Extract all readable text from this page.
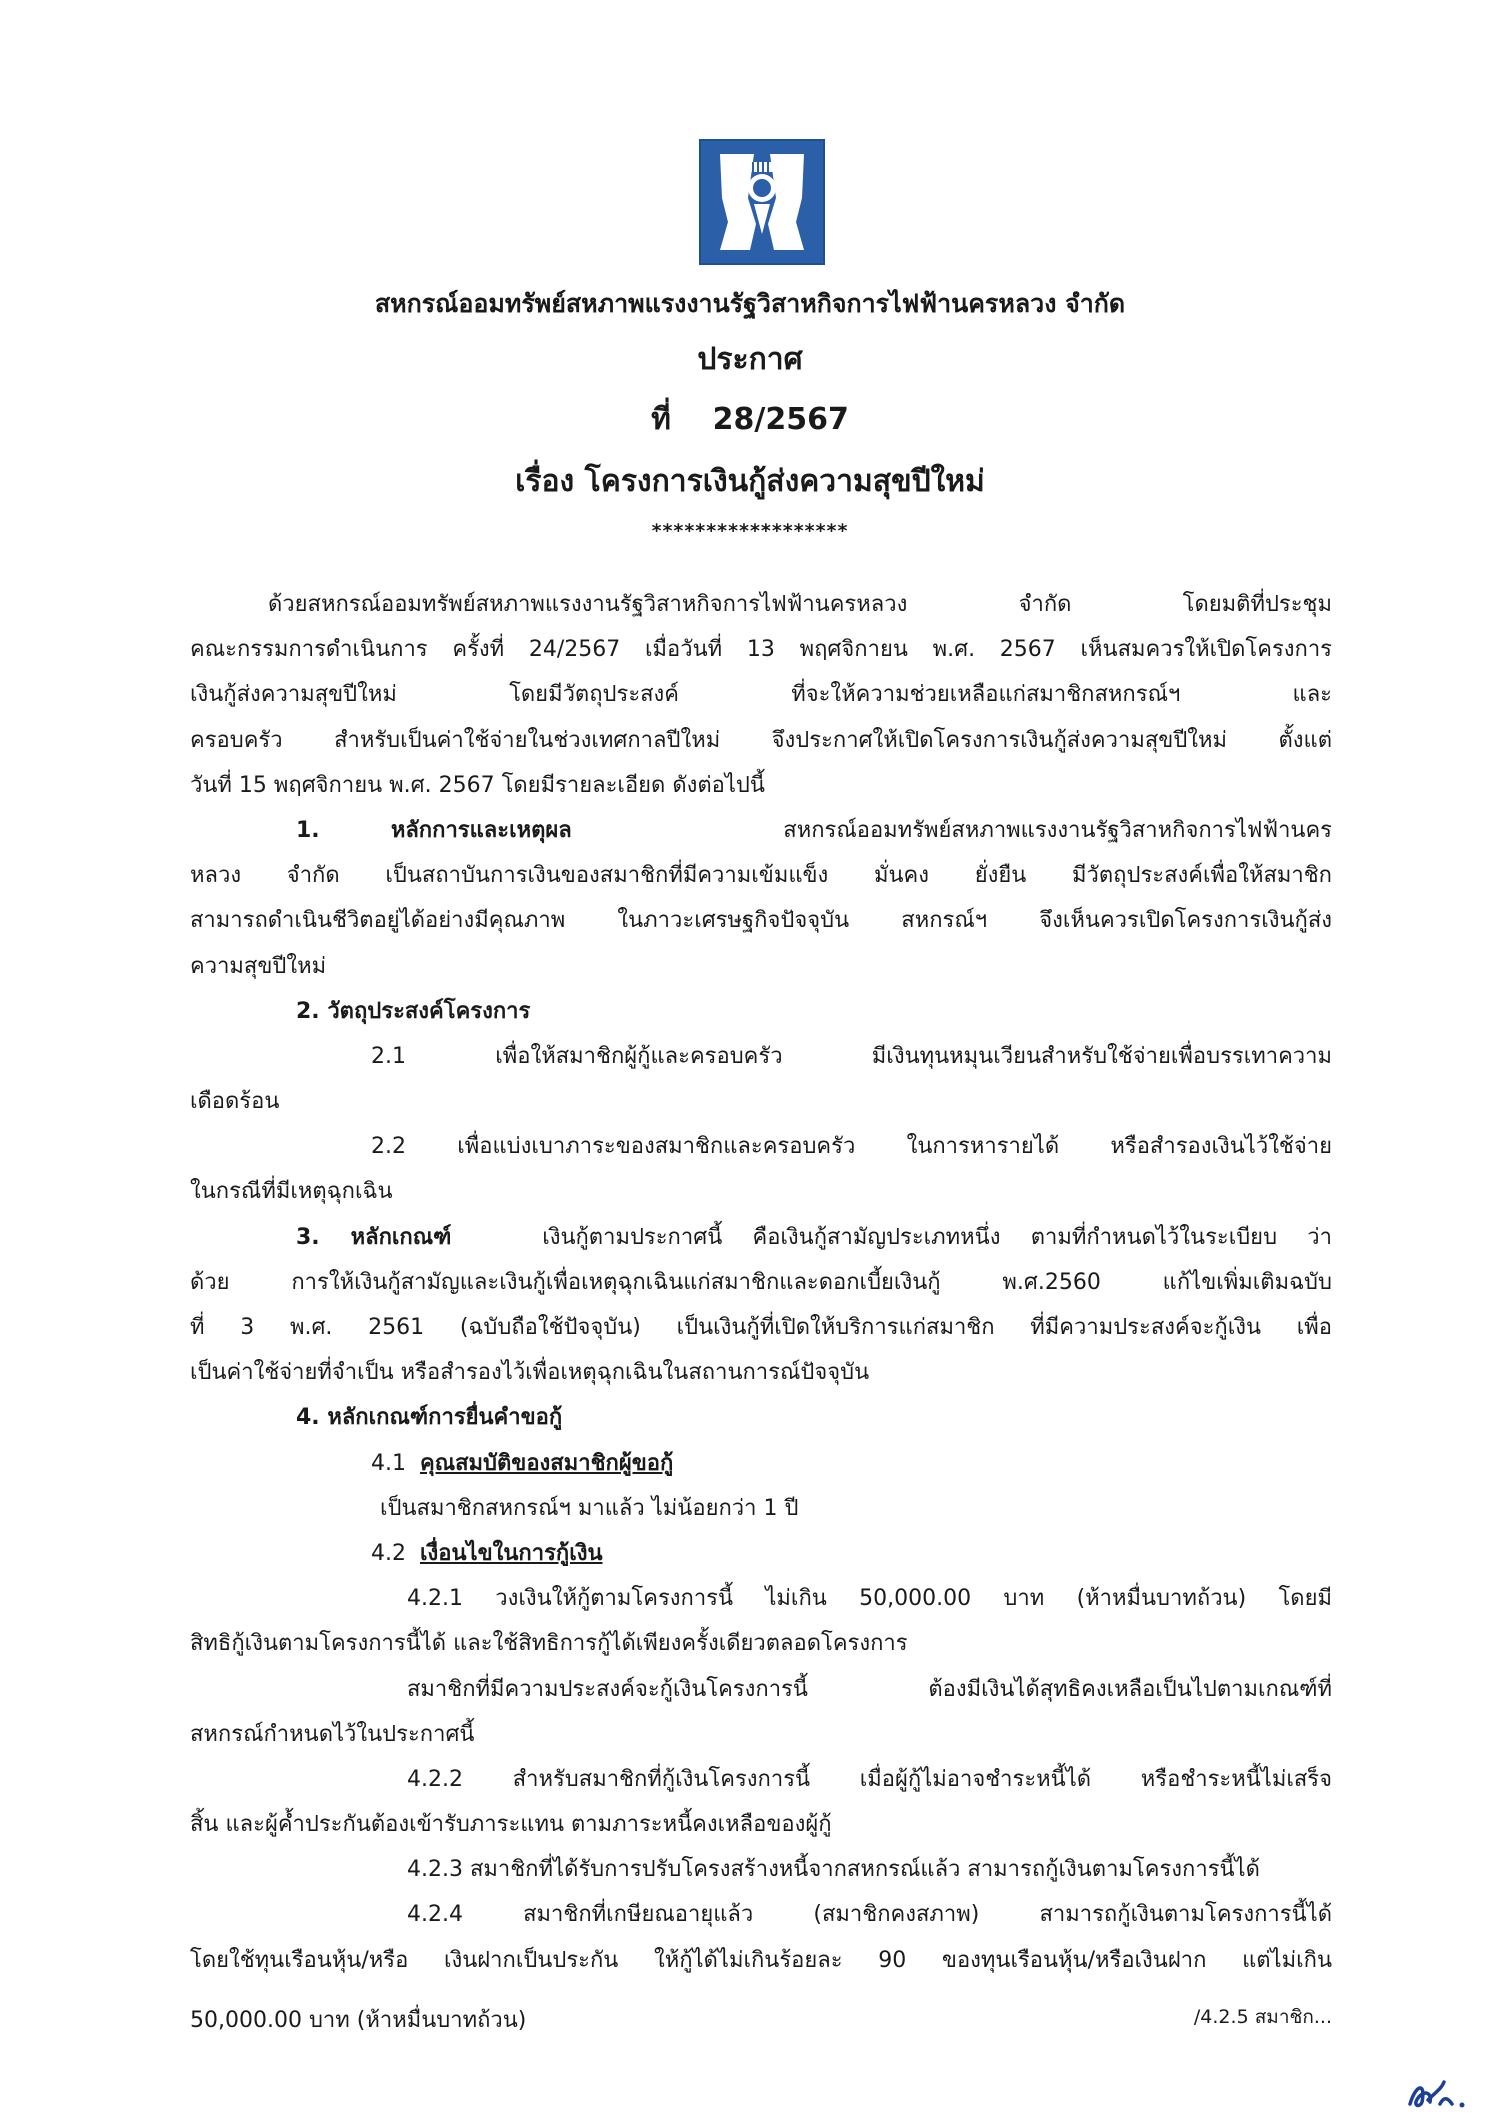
สหกรณ์ออมทรัพย์สหภาพแรงงานรัฐวิสาหกิจการไฟฟ้านครหลวง จำกัด
ประกาศ
ที่ 28/2567
เรื่อง โครงการเงินกู้ส่งความสุขปีใหม่
******************
ด้วยสหกรณ์ออมทรัพย์สหภาพแรงงานรัฐวิสาหกิจการไฟฟ้านครหลวง จำกัด โดยมติที่ประชุม
คณะกรรมการดำเนินการ ครั้งที่ 24/2567 เมื่อวันที่ 13 พฤศจิกายน พ.ศ. 2567 เห็นสมควรให้เปิดโครงการ
เงินกู้ส่งความสุขปีใหม่ โดยมีวัตถุประสงค์ ที่จะให้ความช่วยเหลือแก่สมาชิกสหกรณ์ฯ และ
ครอบครัว สำหรับเป็นค่าใช้จ่ายในช่วงเทศกาลปีใหม่ จึงประกาศให้เปิดโครงการเงินกู้ส่งความสุขปีใหม่ ตั้งแต่
วันที่ 15 พฤศจิกายน พ.ศ. 2567 โดยมีรายละเอียด ดังต่อไปนี้
1. หลักการและเหตุผล	สหกรณ์ออมทรัพย์สหภาพแรงงานรัฐวิสาหกิจการไฟฟ้านคร
หลวง จำกัด เป็นสถาบันการเงินของสมาชิกที่มีความเข้มแข็ง มั่นคง ยั่งยืน มีวัตถุประสงค์เพื่อให้สมาชิก
สามารถดำเนินชีวิตอยู่ได้อย่างมีคุณภาพ ในภาวะเศรษฐกิจปัจจุบัน สหกรณ์ฯ จึงเห็นควรเปิดโครงการเงินกู้ส่ง
ความสุขปีใหม่
2. วัตถุประสงค์โครงการ
2.1 เพื่อให้สมาชิกผู้กู้และครอบครัว มีเงินทุนหมุนเวียนสำหรับใช้จ่ายเพื่อบรรเทาความ
เดือดร้อน
2.2 เพื่อแบ่งเบาภาระของสมาชิกและครอบครัว ในการหารายได้ หรือสำรองเงินไว้ใช้จ่าย
ในกรณีที่มีเหตุฉุกเฉิน
3. หลักเกณฑ์	เงินกู้ตามประกาศนี้ คือเงินกู้สามัญประเภทหนึ่ง ตามที่กำหนดไว้ในระเบียบ ว่า
ด้วย การให้เงินกู้สามัญและเงินกู้เพื่อเหตุฉุกเฉินแก่สมาชิกและดอกเบี้ยเงินกู้ พ.ศ.2560 แก้ไขเพิ่มเติมฉบับ
ที่ 3 พ.ศ. 2561 (ฉบับถือใช้ปัจจุบัน) เป็นเงินกู้ที่เปิดให้บริการแก่สมาชิก ที่มีความประสงค์จะกู้เงิน เพื่อ
เป็นค่าใช้จ่ายที่จำเป็น หรือสำรองไว้เพื่อเหตุฉุกเฉินในสถานการณ์ปัจจุบัน
4. หลักเกณฑ์การยื่นคำขอกู้
4.1 คุณสมบัติของสมาชิกผู้ขอกู้
เป็นสมาชิกสหกรณ์ฯ มาแล้ว ไม่น้อยกว่า 1 ปี
4.2 เงื่อนไขในการกู้เงิน
4.2.1 วงเงินให้กู้ตามโครงการนี้ ไม่เกิน 50,000.00 บาท (ห้าหมื่นบาทถ้วน) โดยมี
สิทธิกู้เงินตามโครงการนี้ได้ และใช้สิทธิการกู้ได้เพียงครั้งเดียวตลอดโครงการ
สมาชิกที่มีความประสงค์จะกู้เงินโครงการนี้ ต้องมีเงินได้สุทธิคงเหลือเป็นไปตามเกณฑ์ที่
สหกรณ์กำหนดไว้ในประกาศนี้
4.2.2 สำหรับสมาชิกที่กู้เงินโครงการนี้ เมื่อผู้กู้ไม่อาจชำระหนี้ได้ หรือชำระหนี้ไม่เสร็จ
สิ้น และผู้ค้ำประกันต้องเข้ารับภาระแทน ตามภาระหนี้คงเหลือของผู้กู้
4.2.3 สมาชิกที่ได้รับการปรับโครงสร้างหนี้จากสหกรณ์แล้ว สามารถกู้เงินตามโครงการนี้ได้
4.2.4 สมาชิกที่เกษียณอายุแล้ว (สมาชิกคงสภาพ) สามารถกู้เงินตามโครงการนี้ได้
โดยใช้ทุนเรือนหุ้น/หรือ เงินฝากเป็นประกัน ให้กู้ได้ไม่เกินร้อยละ 90 ของทุนเรือนหุ้น/หรือเงินฝาก แต่ไม่เกิน
50,000.00 บาท (ห้าหมื่นบาทถ้วน)	/4.2.5 สมาชิก...
